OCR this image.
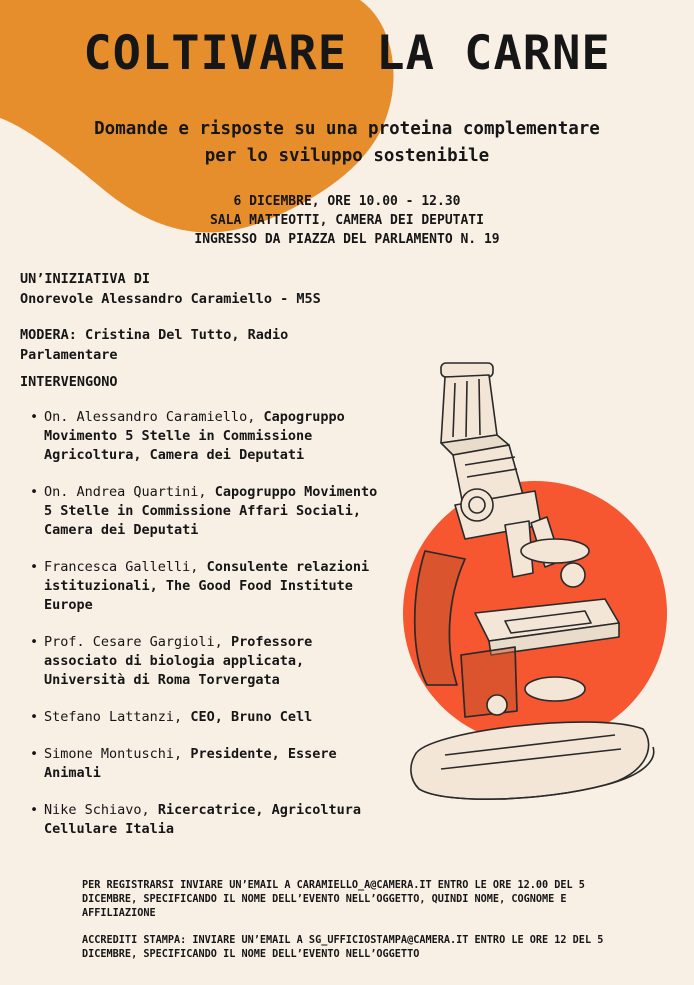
COLTIVARE LA CARNE
Domande e risposte su una proteina complementare
per lo sviluppo sostenibile
6 DICEMBRE, ORE 10.00 - 12.30
SALA MATTEOTTI, CAMERA DEI DEPUTATI
INGRESSO DA PIAZZA DEL PARLAMENTO N. 19
UN’INIZIATIVA DI
Onorevole Alessandro Caramiello - M5S
MODERA: Cristina Del Tutto, Radio Parlamentare
INTERVENGONO
• On. Alessandro Caramiello, Capogruppo Movimento 5 Stelle in Commissione Agricoltura, Camera dei Deputati
• On. Andrea Quartini, Capogruppo Movimento 5 Stelle in Commissione Affari Sociali, Camera dei Deputati
• Francesca Gallelli, Consulente relazioni istituzionali, The Good Food Institute Europe
• Prof. Cesare Gargioli, Professore associato di biologia applicata, Università di Roma Torvergata
• Stefano Lattanzi, CEO, Bruno Cell
• Simone Montuschi, Presidente, Essere Animali
• Nike Schiavo, Ricercatrice, Agricoltura Cellulare Italia
PER REGISTRARSI INVIARE UN’EMAIL A CARAMIELLO_A@CAMERA.IT ENTRO LE ORE 12.00 DEL 5 DICEMBRE, SPECIFICANDO IL NOME DELL’EVENTO NELL’OGGETTO, QUINDI NOME, COGNOME E AFFILIAZIONE
ACCREDITI STAMPA: INVIARE UN’EMAIL A SG_UFFICIOSTAMPA@CAMERA.IT ENTRO LE ORE 12 DEL 5 DICEMBRE, SPECIFICANDO IL NOME DELL’EVENTO NELL’OGGETTO
